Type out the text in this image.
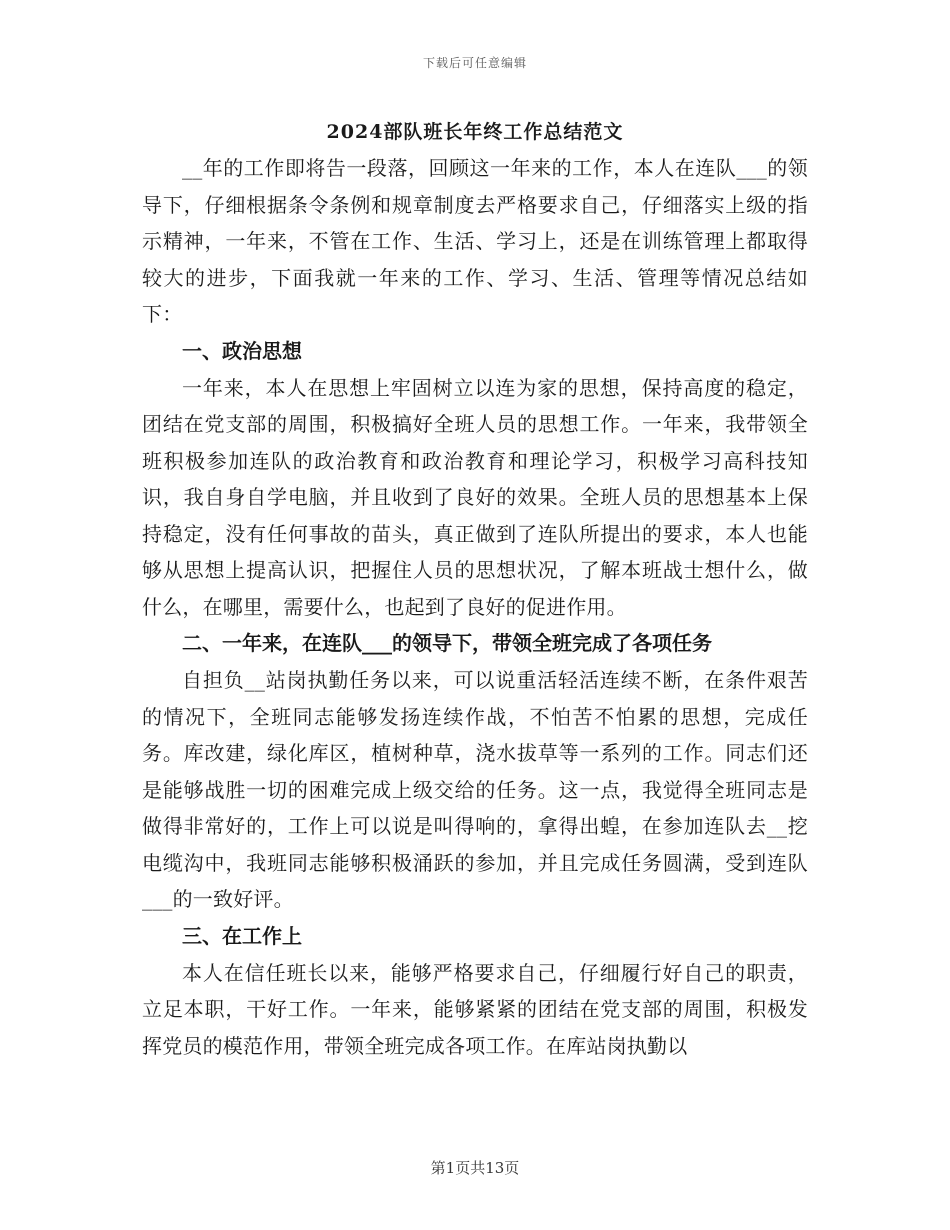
下载后可任意编辑
2024部队班长年终工作总结范文

__年的工作即将告一段落，回顾这一年来的工作，本人在连队___的领导下，仔细根据条令条例和规章制度去严格要求自己，仔细落实上级的指示精神，一年来，不管在工作、生活、学习上，还是在训练管理上都取得较大的进步，下面我就一年来的工作、学习、生活、管理等情况总结如下：

一、政治思想

一年来，本人在思想上牢固树立以连为家的思想，保持高度的稳定，团结在党支部的周围，积极搞好全班人员的思想工作。一年来，我带领全班积极参加连队的政治教育和政治教育和理论学习，积极学习高科技知识，我自身自学电脑，并且收到了良好的效果。全班人员的思想基本上保持稳定，没有任何事故的苗头，真正做到了连队所提出的要求，本人也能够从思想上提高认识，把握住人员的思想状况，了解本班战士想什么，做什么，在哪里，需要什么，也起到了良好的促进作用。

二、一年来，在连队___的领导下，带领全班完成了各项任务

自担负__站岗执勤任务以来，可以说重活轻活连续不断，在条件艰苦的情况下，全班同志能够发扬连续作战，不怕苦不怕累的思想，完成任务。库改建，绿化库区，植树种草，浇水拔草等一系列的工作。同志们还是能够战胜一切的困难完成上级交给的任务。这一点，我觉得全班同志是做得非常好的，工作上可以说是叫得响的，拿得出蝗，在参加连队去__挖电缆沟中，我班同志能够积极涌跃的参加，并且完成任务圆满，受到连队___的一致好评。

三、在工作上

本人在信任班长以来，能够严格要求自己，仔细履行好自己的职责，立足本职，干好工作。一年来，能够紧紧的团结在党支部的周围，积极发挥党员的模范作用，带领全班完成各项工作。在库站岗执勤以

第1页共13页
